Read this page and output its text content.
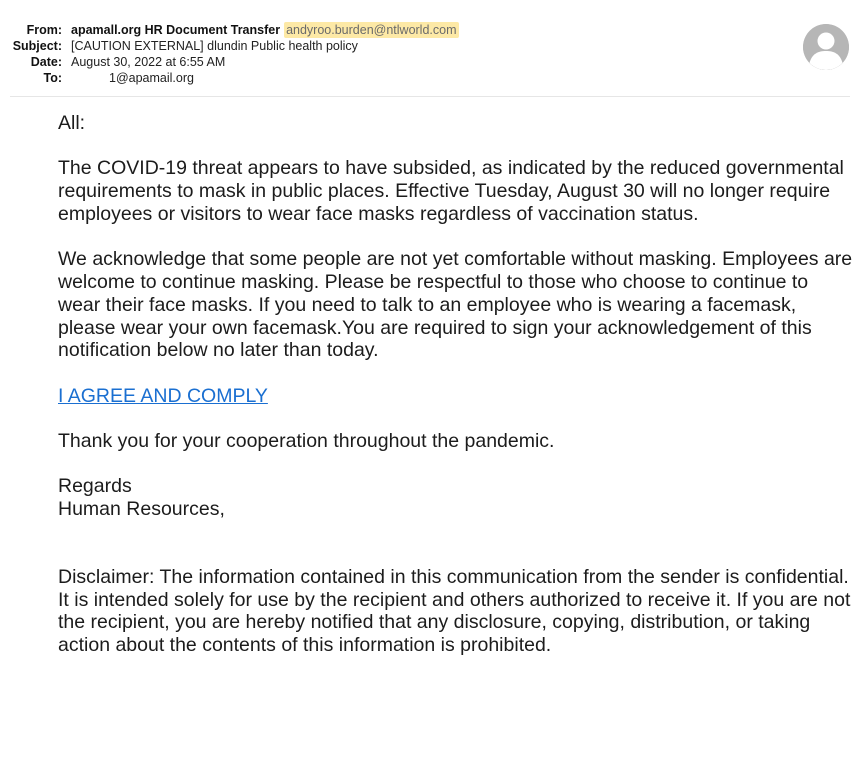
From: apamall.org HR Document Transfer andyroo.burden@ntlworld.com
Subject: [CAUTION EXTERNAL] dlundin Public health policy
Date: August 30, 2022 at 6:55 AM
To:	1@apamail.org

All:

The COVID-19 threat appears to have subsided, as indicated by the reduced governmental requirements to mask in public places. Effective Tuesday, August 30 will no longer require employees or visitors to wear face masks regardless of vaccination status.

We acknowledge that some people are not yet comfortable without masking. Employees are welcome to continue masking. Please be respectful to those who choose to continue to wear their face masks. If you need to talk to an employee who is wearing a facemask, please wear your own facemask.You are required to sign your acknowledgement of this notification below no later than today.

I AGREE AND COMPLY

Thank you for your cooperation throughout the pandemic.

Regards
Human Resources,

Disclaimer: The information contained in this communication from the sender is confidential. It is intended solely for use by the recipient and others authorized to receive it. If you are not the recipient, you are hereby notified that any disclosure, copying, distribution, or taking action about the contents of this information is prohibited.
